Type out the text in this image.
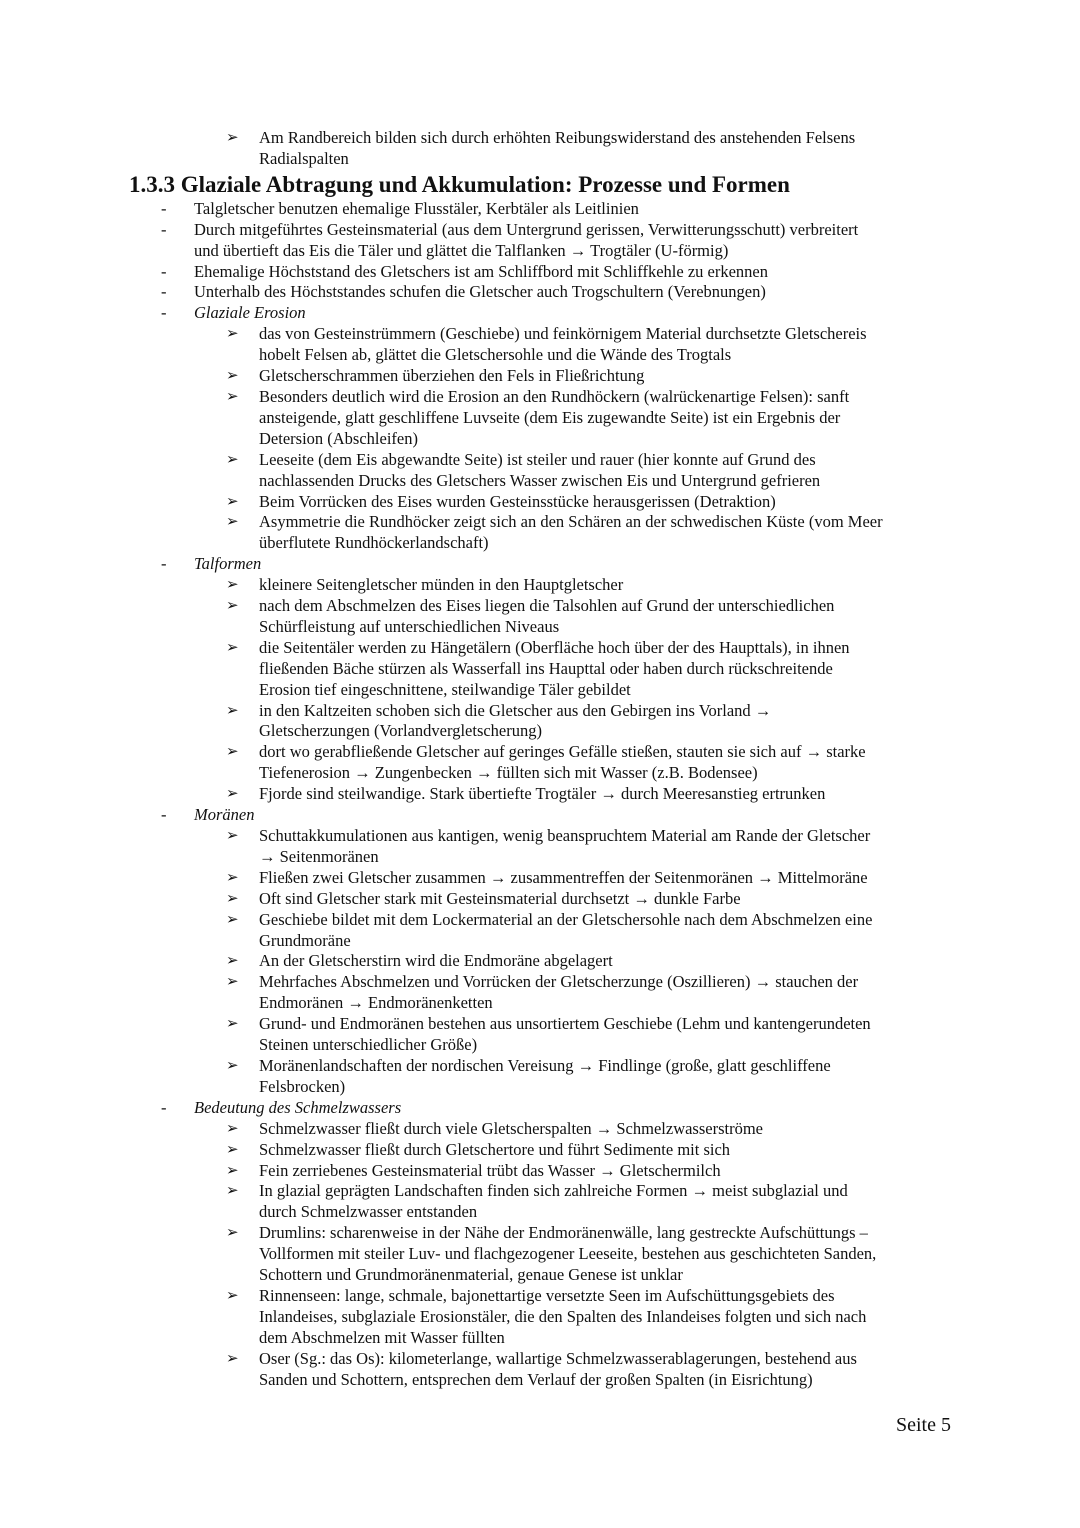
➢ Am Randbereich bilden sich durch erhöhten Reibungswiderstand des anstehenden Felsens
Radialspalten
1.3.3 Glaziale Abtragung und Akkumulation: Prozesse und Formen
- Talgletscher benutzen ehemalige Flusstäler, Kerbtäler als Leitlinien
- Durch mitgeführtes Gesteinsmaterial (aus dem Untergrund gerissen, Verwitterungsschutt) verbreitert
und übertieft das Eis die Täler und glättet die Talflanken → Trogtäler (U-förmig)
- Ehemalige Höchststand des Gletschers ist am Schliffbord mit Schliffkehle zu erkennen
- Unterhalb des Höchststandes schufen die Gletscher auch Trogschultern (Verebnungen)
- Glaziale Erosion
➢ das von Gesteinstrümmern (Geschiebe) und feinkörnigem Material durchsetzte Gletschereis
hobelt Felsen ab, glättet die Gletschersohle und die Wände des Trogtals
➢ Gletscherschrammen überziehen den Fels in Fließrichtung
➢ Besonders deutlich wird die Erosion an den Rundhöckern (walrückenartige Felsen): sanft
ansteigende, glatt geschliffene Luvseite (dem Eis zugewandte Seite) ist ein Ergebnis der
Detersion (Abschleifen)
➢ Leeseite (dem Eis abgewandte Seite) ist steiler und rauer (hier konnte auf Grund des
nachlassenden Drucks des Gletschers Wasser zwischen Eis und Untergrund gefrieren
➢ Beim Vorrücken des Eises wurden Gesteinsstücke herausgerissen (Detraktion)
➢ Asymmetrie die Rundhöcker zeigt sich an den Schären an der schwedischen Küste (vom Meer
überflutete Rundhöckerlandschaft)
- Talformen
➢ kleinere Seitengletscher münden in den Hauptgletscher
➢ nach dem Abschmelzen des Eises liegen die Talsohlen auf Grund der unterschiedlichen
Schürfleistung auf unterschiedlichen Niveaus
➢ die Seitentäler werden zu Hängetälern (Oberfläche hoch über der des Haupttals), in ihnen
fließenden Bäche stürzen als Wasserfall ins Haupttal oder haben durch rückschreitende
Erosion tief eingeschnittene, steilwandige Täler gebildet
➢ in den Kaltzeiten schoben sich die Gletscher aus den Gebirgen ins Vorland →
Gletscherzungen (Vorlandvergletscherung)
➢ dort wo gerabfließende Gletscher auf geringes Gefälle stießen, stauten sie sich auf → starke
Tiefenerosion → Zungenbecken → füllten sich mit Wasser (z.B. Bodensee)
➢ Fjorde sind steilwandige. Stark übertiefte Trogtäler → durch Meeresanstieg ertrunken
- Moränen
➢ Schuttakkumulationen aus kantigen, wenig beanspruchtem Material am Rande der Gletscher
→ Seitenmoränen
➢ Fließen zwei Gletscher zusammen → zusammentreffen der Seitenmoränen → Mittelmoräne
➢ Oft sind Gletscher stark mit Gesteinsmaterial durchsetzt → dunkle Farbe
➢ Geschiebe bildet mit dem Lockermaterial an der Gletschersohle nach dem Abschmelzen eine
Grundmoräne
➢ An der Gletscherstirn wird die Endmoräne abgelagert
➢ Mehrfaches Abschmelzen und Vorrücken der Gletscherzunge (Oszillieren) → stauchen der
Endmoränen → Endmoränenketten
➢ Grund- und Endmoränen bestehen aus unsortiertem Geschiebe (Lehm und kantengerundeten
Steinen unterschiedlicher Größe)
➢ Moränenlandschaften der nordischen Vereisung → Findlinge (große, glatt geschliffene
Felsbrocken)
- Bedeutung des Schmelzwassers
➢ Schmelzwasser fließt durch viele Gletscherspalten → Schmelzwasserströme
➢ Schmelzwasser fließt durch Gletschertore und führt Sedimente mit sich
➢ Fein zerriebenes Gesteinsmaterial trübt das Wasser → Gletschermilch
➢ In glazial geprägten Landschaften finden sich zahlreiche Formen → meist subglazial und
durch Schmelzwasser entstanden
➢ Drumlins: scharenweise in der Nähe der Endmoränenwälle, lang gestreckte Aufschüttungs –
Vollformen mit steiler Luv- und flachgezogener Leeseite, bestehen aus geschichteten Sanden,
Schottern und Grundmoränenmaterial, genaue Genese ist unklar
➢ Rinnenseen: lange, schmale, bajonettartige versetzte Seen im Aufschüttungsgebiets des
Inlandeises, subglaziale Erosionstäler, die den Spalten des Inlandeises folgten und sich nach
dem Abschmelzen mit Wasser füllten
➢ Oser (Sg.: das Os): kilometerlange, wallartige Schmelzwasserablagerungen, bestehend aus
Sanden und Schottern, entsprechen dem Verlauf der großen Spalten (in Eisrichtung)
Seite 5
